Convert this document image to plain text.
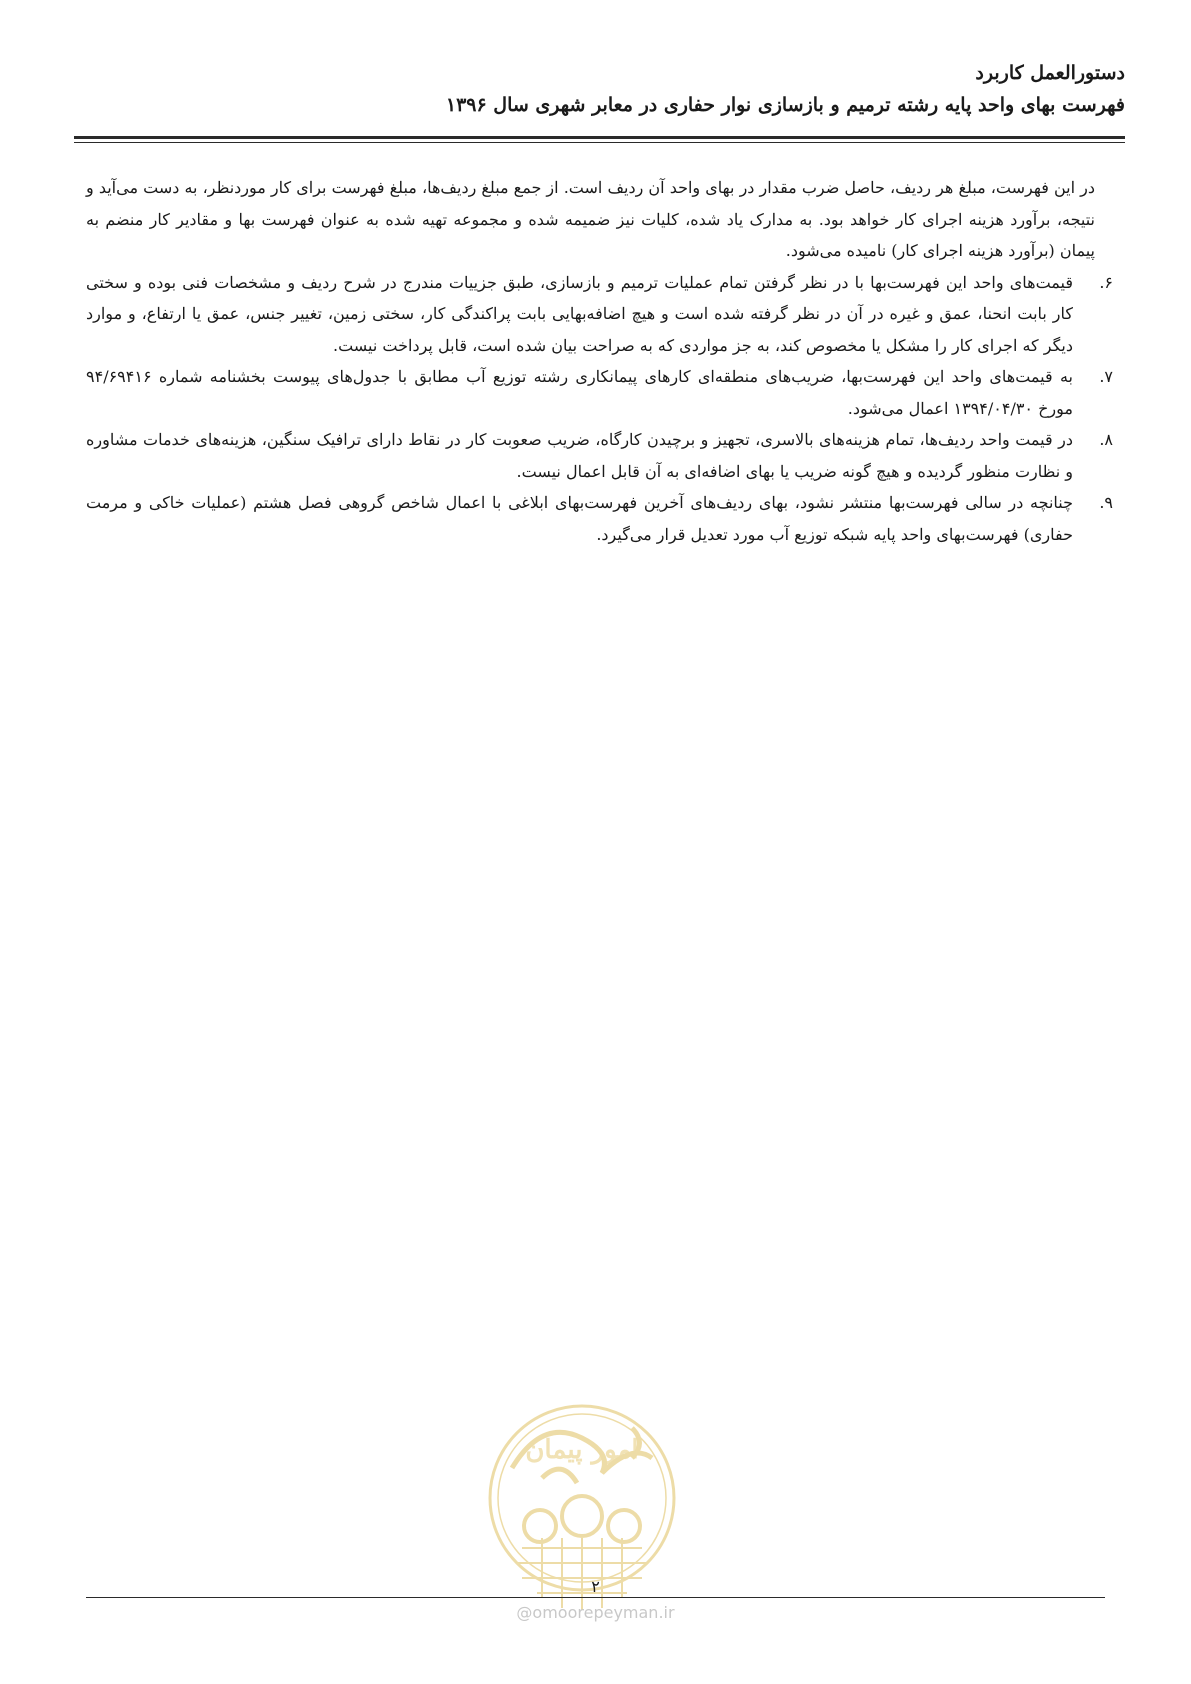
دستورالعمل کاربرد

فهرست بهای واحد پایه رشته ترمیم و بازسازی نوار حفاری در معابر شهری سال ۱۳۹۶

در این فهرست، مبلغ هر ردیف، حاصل ضرب مقدار در بهای واحد آن ردیف است. از جمع مبلغ ردیف‌ها، مبلغ فهرست برای کار موردنظر، به دست می‌آید و نتیجه، برآورد هزینه اجرای کار خواهد بود. به مدارک یاد شده، کلیات نیز ضمیمه شده و مجموعه تهیه شده به عنوان فهرست بها و مقادیر کار منضم به پیمان (برآورد هزینه اجرای کار) نامیده می‌شود.

۶.
قیمت‌های واحد این فهرست‌بها با در نظر گرفتن تمام عملیات ترمیم و بازسازی، طبق جزییات مندرج در شرح ردیف و مشخصات فنی بوده و سختی کار بابت انحنا، عمق و غیره در آن در نظر گرفته شده است و هیچ اضافه‌بهایی بابت پراکندگی کار، سختی زمین، تغییر جنس، عمق یا ارتفاع، و موارد دیگر که اجرای کار را مشکل یا مخصوص کند، به جز مواردی که به صراحت بیان شده است، قابل پرداخت نیست.
۷.
به قیمت‌های واحد این فهرست‌بها، ضریب‌های منطقه‌ای کارهای پیمانکاری رشته توزیع آب مطابق با جدول‌های پیوست بخشنامه شماره ۹۴/۶۹۴۱۶ مورخ ۱۳۹۴/۰۴/۳۰ اعمال می‌شود.
۸.
در قیمت واحد ردیف‌ها، تمام هزینه‌های بالاسری، تجهیز و برچیدن کارگاه، ضریب صعوبت کار در نقاط دارای ترافیک سنگین، هزینه‌های خدمات مشاوره و نظارت منظور گردیده و هیچ گونه ضریب یا بهای اضافه‌ای به آن قابل اعمال نیست.
۹.
چنانچه در سالی فهرست‌بها منتشر نشود، بهای ردیف‌های آخرین فهرست‌بهای ابلاغی با اعمال شاخص گروهی فصل هشتم (عملیات خاکی و مرمت حفاری) فهرست‌بهای واحد پایه شبکه توزیع آب مورد تعدیل قرار می‌گیرد.
امور پیمان
۲
@omoorepeyman.ir
